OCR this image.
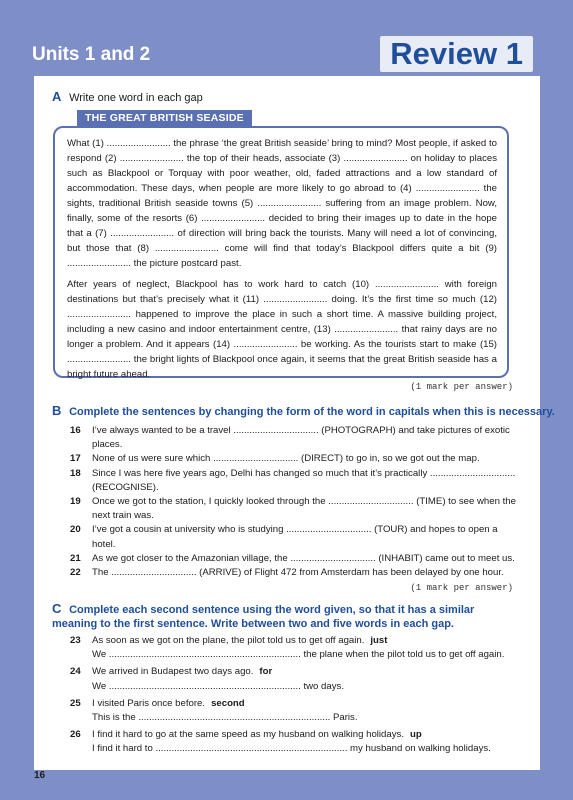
Units 1 and 2	Review 1
A Write one word in each gap
THE GREAT BRITISH SEASIDE

What (1) ........................ the phrase ‘the great British seaside’ bring to mind? Most people, if asked to respond (2) ........................ the top of their heads, associate (3) ........................ on holiday to places such as Blackpool or Torquay with poor weather, old, faded attractions and a low standard of accommodation. These days, when people are more likely to go abroad to (4) ........................ the sights, traditional British seaside towns (5) ........................ suffering from an image problem. Now, finally, some of the resorts (6) ........................ decided to bring their images up to date in the hope that a (7) ........................ of direction will bring back the tourists. Many will need a lot of convincing, but those that (8) ........................ come will find that today’s Blackpool differs quite a bit (9) ........................ the picture postcard past.

After years of neglect, Blackpool has to work hard to catch (10) ........................ with foreign destinations but that’s precisely what it (11) ........................ doing. It’s the first time so much (12) ........................ happened to improve the place in such a short time. A massive building project, including a new casino and indoor entertainment centre, (13) ........................ that rainy days are no longer a problem. And it appears (14) ........................ be working. As the tourists start to make (15) ........................ the bright lights of Blackpool once again, it seems that the great British seaside has a bright future ahead.

(1 mark per answer)
B Complete the sentences by changing the form of the word in capitals when this is necessary.
16	I’ve always wanted to be a travel ................................ (PHOTOGRAPH) and take pictures of exotic places.
17	None of us were sure which ................................ (DIRECT) to go in, so we got out the map.
18	Since I was here five years ago, Delhi has changed so much that it’s practically ................................ (RECOGNISE).
19	Once we got to the station, I quickly looked through the ................................ (TIME) to see when the next train was.
20	I’ve got a cousin at university who is studying ................................ (TOUR) and hopes to open a hotel.
21	As we got closer to the Amazonian village, the ................................ (INHABIT) came out to meet us.
22	The ................................ (ARRIVE) of Flight 472 from Amsterdam has been delayed by one hour.
(1 mark per answer)
C Complete each second sentence using the word given, so that it has a similar meaning to the first sentence. Write between two and five words in each gap.
23	As soon as we got on the plane, the pilot told us to get off again. just
We ........................................................................ the plane when the pilot told us to get off again.
24	We arrived in Budapest two days ago. for
We ........................................................................ two days.
25	I visited Paris once before. second
This is the ........................................................................ Paris.
26	I find it hard to go at the same speed as my husband on walking holidays. up
I find it hard to ........................................................................ my husband on walking holidays.
16
